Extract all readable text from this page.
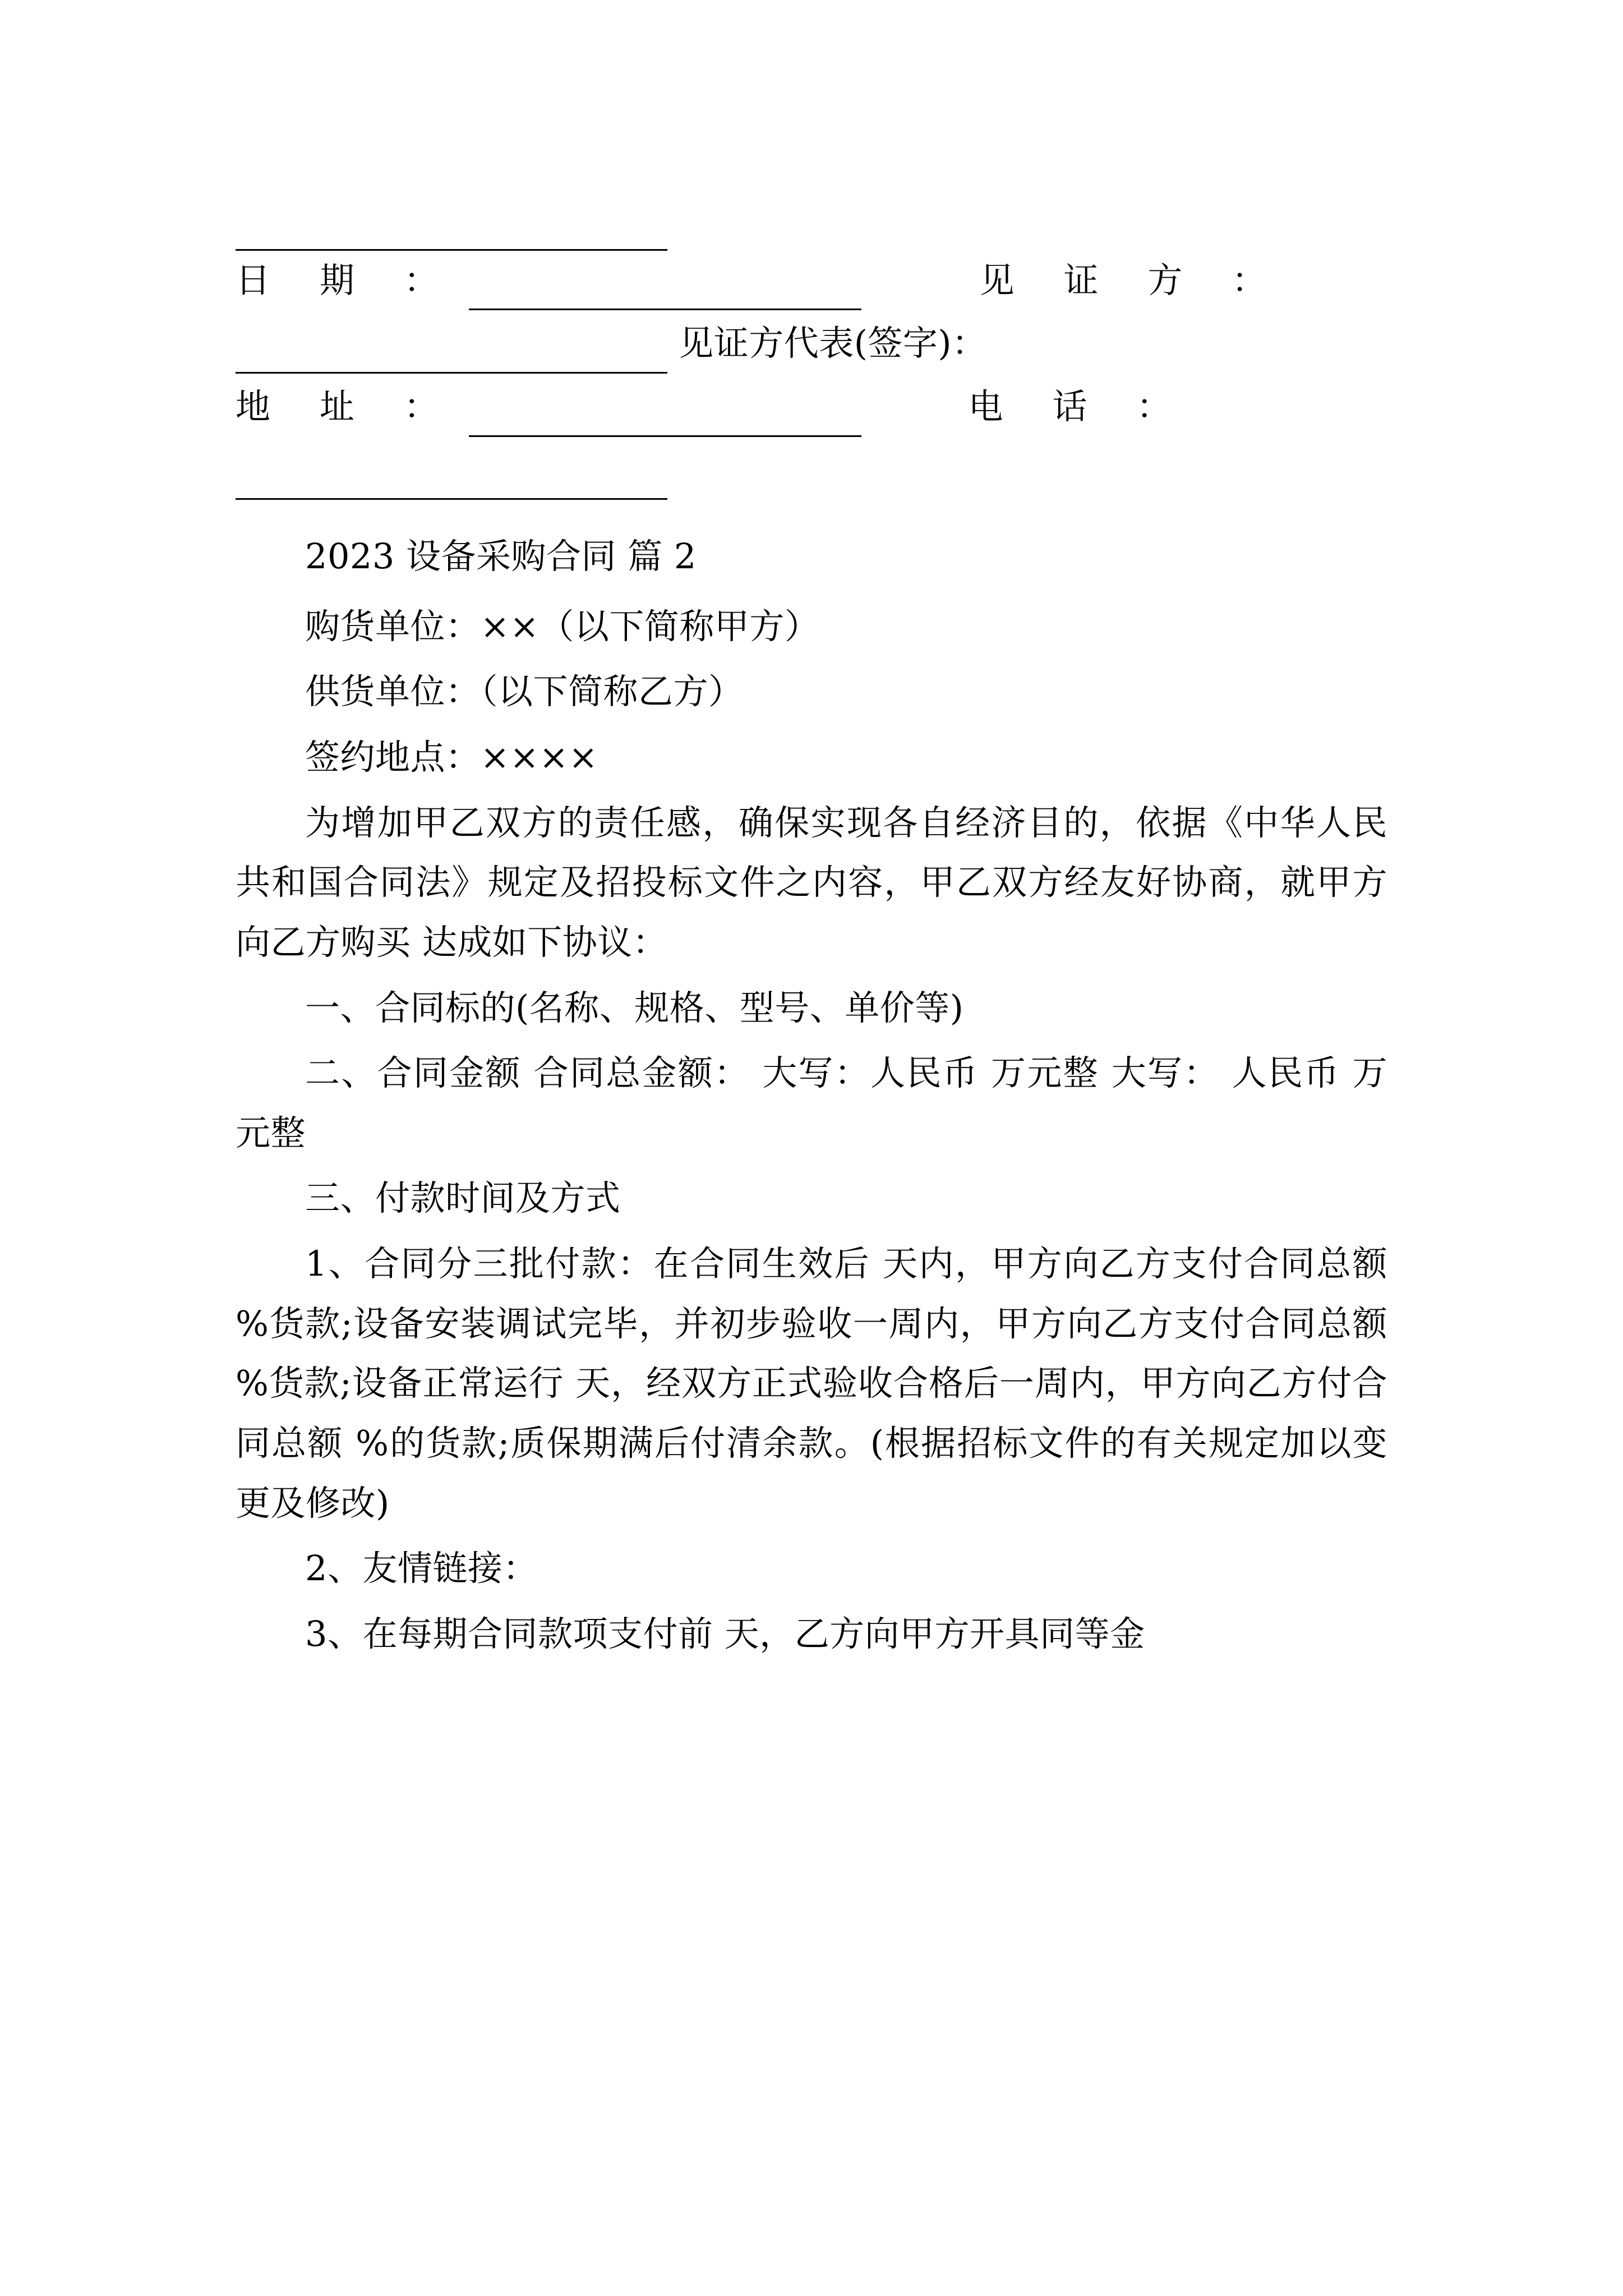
日 期 ：	见 证 方 ：
见证方代表(签字)：
地 址 ：	电 话 ：
2023 设备采购合同 篇 2

购货单位：××（以下简称甲方）

供货单位：（以下简称乙方）

签约地点：××××

为增加甲乙双方的责任感，确保实现各自经济目的，依据《中华人民共和国合同法》规定及招投标文件之内容，甲乙双方经友好协商，就甲方向乙方购买 达成如下协议：

一、合同标的(名称、规格、型号、单价等)

二、合同金额 合同总金额： 大写：人民币 万元整 大写： 人民币 万元整

三、付款时间及方式

1、合同分三批付款：在合同生效后 天内，甲方向乙方支付合同总额 %货款;设备安装调试完毕，并初步验收一周内，甲方向乙方支付合同总额 %货款;设备正常运行 天，经双方正式验收合格后一周内，甲方向乙方付合同总额 %的货款;质保期满后付清余款。(根据招标文件的有关规定加以变更及修改)

2、友情链接：

3、在每期合同款项支付前 天，乙方向甲方开具同等金
